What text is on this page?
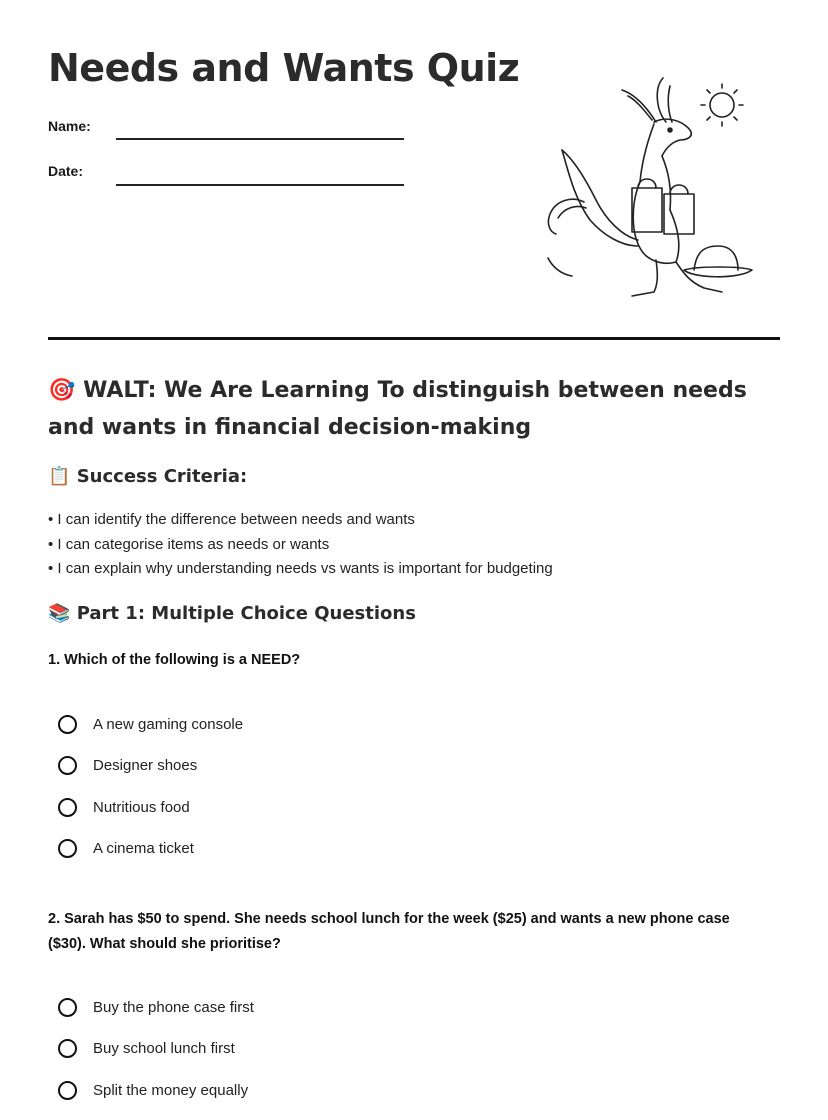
Needs and Wants Quiz
Name:
Date:
🎯 WALT: We Are Learning To distinguish between needs and wants in financial decision-making
📋 Success Criteria:
• I can identify the difference between needs and wants
• I can categorise items as needs or wants
• I can explain why understanding needs vs wants is important for budgeting
📚 Part 1: Multiple Choice Questions

1. Which of the following is a NEED?

A new gaming console
Designer shoes
Nutritious food
A cinema ticket

2. Sarah has $50 to spend. She needs school lunch for the week ($25) and wants a new phone case ($30). What should she prioritise?

Buy the phone case first
Buy school lunch first
Split the money equally
